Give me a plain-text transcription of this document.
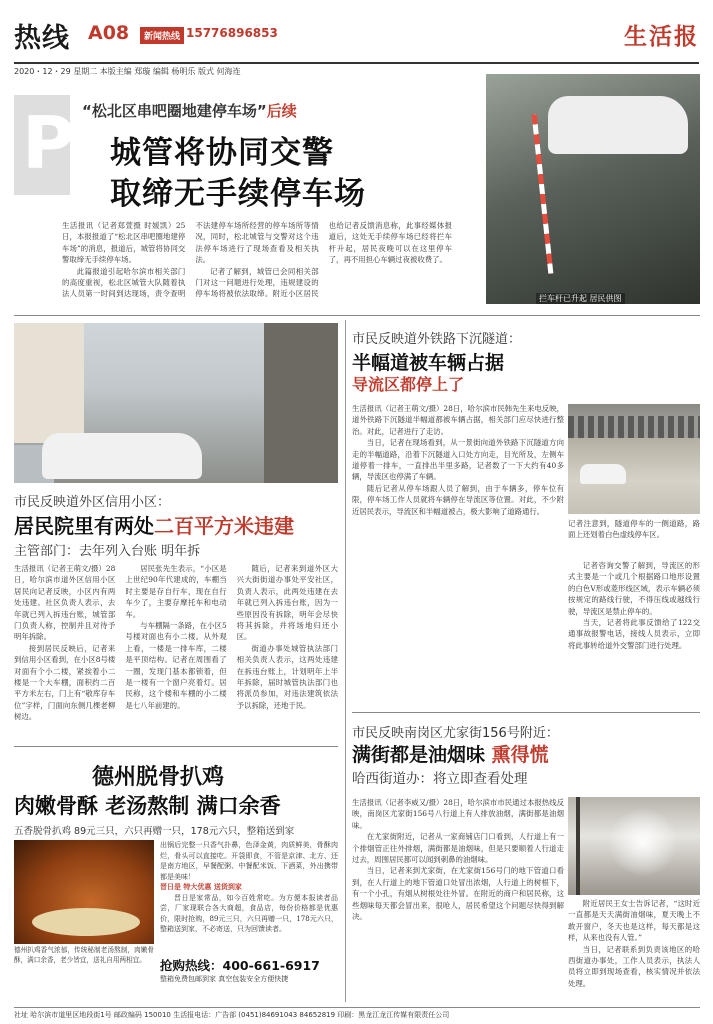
热线 A08	新闻热线 15776896853	生活报
2020・12・29 星期二 本版主编 郑璇 编辑 杨明乐 版式 何海连
P “松北区串吧圈地建停车场”后续
城管将协同交警
取缔无手续停车场

生活报讯（记者郑萱摄 时媛凯）25日，本报报道了“松北区串吧圈地建停车场”的消息，报道后，城管将协同交警取缔无手续停车场。

此篇报道引起哈尔滨市相关部门的高度重视，松北区城管大队随着执法人员第一时间到达现场，责令查明不法建停车场所经营的停车场所等情况，同时，松北城管与交警对这个违法停车场进行了现场查看及相关执法。

记者了解到，城管已会同相关部门对这一问题进行处理，违规建设的停车场将被依法取缔。附近小区居民也给记者反馈消息称，此事经媒体报道后，这处无手续停车场已经将拦车杆升起，居民夜晚可以在这里停车了，再不用担心车辆过夜被收费了。

拦车杆已升起 居民供图
市民反映道外区信用小区：
居民院里有两处二百平方米违建
主管部门：去年列入台账 明年拆

生活报讯（记者王萌文/摄）28日，哈尔滨市道外区信用小区居民向记者反映，小区内有两处违建。社区负责人表示，去年就已列入拆违台账，城管部门负责人称，控制并且对待予明年拆除。

接到居民反映后，记者来到信用小区看到，在小区8号楼对面有个小二楼，紧挨着小二楼是一个大车棚，面积约二百平方米左右，门上有“敬库存车位”字样，门面向东侧几棵老柳树边。

居民张先生表示，“小区是上世纪90年代建成的，车棚当时主要是存自行车，现在自行车少了，主要存摩托车和电动车。

与车棚隔一条路，在小区5号楼对面也有小二楼。从外观上看，一楼是一排车库，二楼是平顶结构。记者在周围看了一圈，发现门基本都锁着，但是一楼有一个窗户亮着灯。居民称，这个楼和车棚的小二楼是七八年前建的。

随后，记者来到道外区大兴大街街道办事处平安社区，负责人表示，此两处违建在去年就已列入拆违台账，因为一些原因没有拆除，明年会尽快将其拆除，并将场地归还小区。

街道办事处城管执法部门相关负责人表示，这两处违建在拆违台账上，计划明年上半年拆除，届时城管执法部门也将派员参加，对违法建筑依法予以拆除，还地于民。

德州脱骨扒鸡
肉嫩骨酥 老汤熬制 满口余香
五香脱骨扒鸡 89元三只，六只再赠一只，178元六只，整箱送到家
德州扒鸡香气浓郁，传统秘制老汤熬制，肉嫩骨酥，满口余香，老少皆宜，送礼自用两相宜。

出锅后完整一只香气扑鼻，色泽金黄，肉质鲜美，骨酥肉烂，骨头可以直接吃。开袋即食，不管是京津、北方、还是南方地区，早餐配粥、中餐配米饭、下酒菜，外出携带都是美味！

晋日是 特大优惠 送货到家

晋日是家常品，如今百姓常吃。为方便本报读者品尝，厂家现联合各大商超，食品店，每份价格都是优惠价，限时抢购，89元三只，六只再赠一只，178元六只，整箱送到家，不必寄送，只为回馈读者。

抢购热线：400-661-6917
整箱免费包邮到家 真空包装安全方便快捷
市民反映道外铁路下沉隧道：
半幅道被车辆占据
导流区都停上了

生活报讯（记者王萌文/摄）28日，哈尔滨市民韩先生来电反映，道外铁路下沉隧道半幅道都被车辆占据，相关部门应尽快进行整治。对此，记者进行了走访。

当日，记者在现场看到，从一景街向道外铁路下沉隧道方向走的半幅道路，沿着下沉隧道入口处方向走，目光所及，左侧车道停着一排车，一直排出半里多路，记者数了一下大约有40多辆，导流区也停满了车辆。

随后记者从停车场跟人员了解到，由于车辆多，停车位有限，停车场工作人员就将车辆停在导流区等位置。对此，不少附近居民表示，导流区和半幅道被占，极大影响了道路通行。

记者注意到，隧道停车的一侧道路，路面上还划着白色虚线停车区。

记者咨询交警了解到，导流区的形式主要是一个或几个根据路口地形设置的白色V形或菱形线区域，表示车辆必须按规定的路线行驶，不得压线或越线行驶，导流区是禁止停车的。

当天，记者将此事反馈给了122交通事故报警电话，接线人员表示，立即将此事转给道外交警部门进行处理。

市民反映南岗区尤家街156号附近：
满街都是油烟味 熏得慌
哈西街道办：将立即查看处理

生活报讯（记者李威又/摄）28日，哈尔滨市市民通过本报热线反映，南岗区尤家街156号八行道上有人排放油烟，满街都是油烟味。

在尤家街附近，记者从一家商铺店门口看到，人行道上有一个排烟管正往外排烟，满街都是油烟味，但是只要顺着人行道走过去，周围居民都可以闻到刺鼻的油烟味。

当日，记者来到尤家街，在尤家街156号门的地下管道口看到，在人行道上的地下管道口处冒出浓烟，人行道上的树根下，有一个小孔，有烟从树根处往外冒。在附近的商户和居民称，这些烟味每天都会冒出来，很呛人，居民希望这个问题尽快得到解决。

附近居民王女士告诉记者，“这时近一直都是天天满街油烟味，夏天晚上不敢开窗户，冬天也是这样，每天都是这样，从来也没有人管。”

当日，记者联系到负责该地区的哈西街道办事处，工作人员表示，执法人员将立即到现场查看，核实情况并依法处理。

社址 哈尔滨市道里区地段街1号 邮政编码 150010 生活报电话：广告部 (0451)84691043 84652819 印刷：黑龙江龙江传媒有限责任公司
